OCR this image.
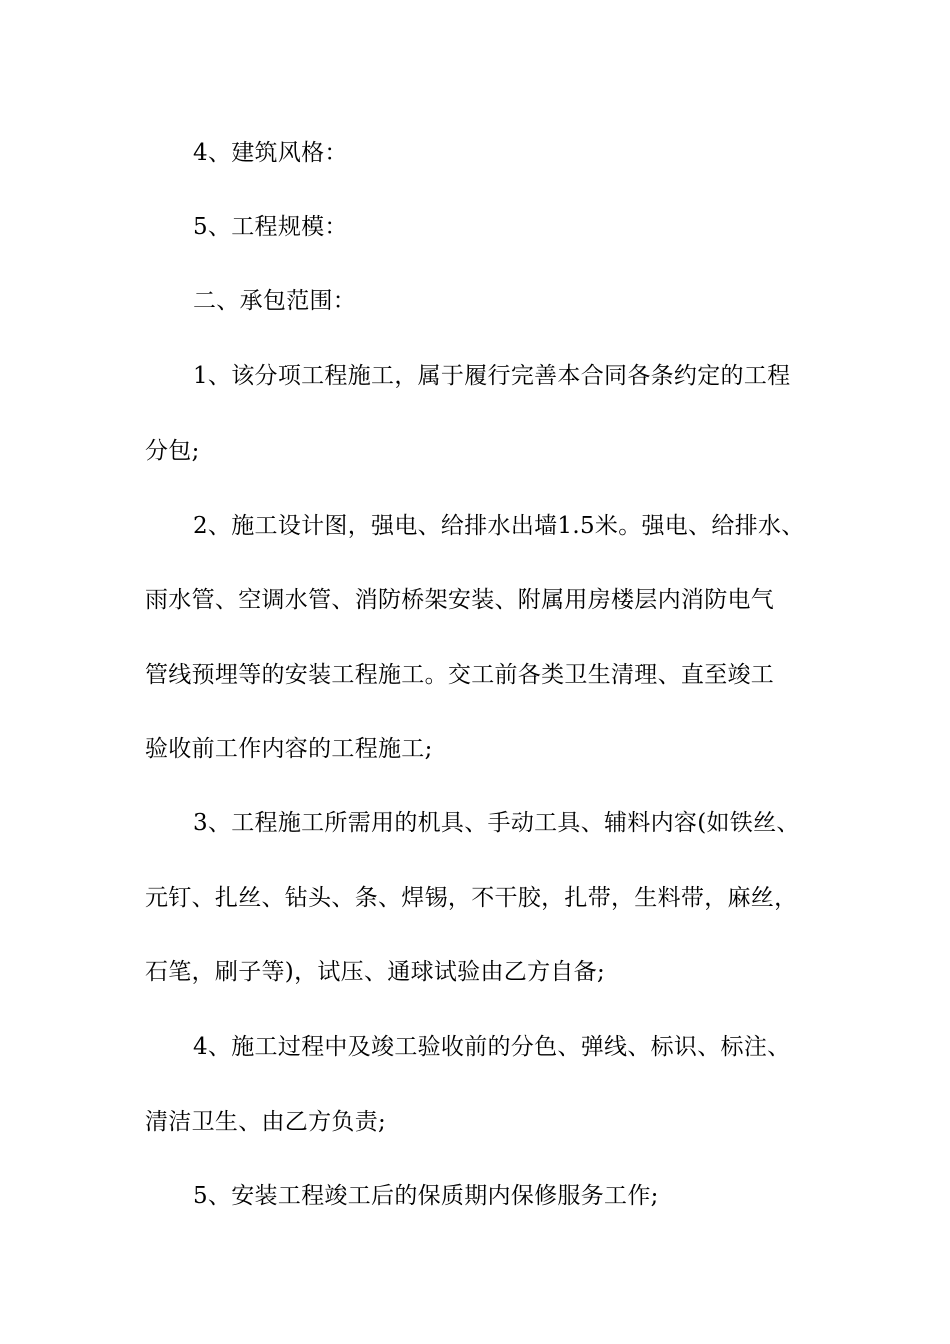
4、建筑风格：

5、工程规模：

二、承包范围：

1、该分项工程施工，属于履行完善本合同各条约定的工程

分包;

2、施工设计图，强电、给排水出墙1.5米。强电、给排水、

雨水管、空调水管、消防桥架安装、附属用房楼层内消防电气

管线预埋等的安装工程施工。交工前各类卫生清理、直至竣工

验收前工作内容的工程施工;

3、工程施工所需用的机具、手动工具、辅料内容(如铁丝、

元钉、扎丝、钻头、条、焊锡，不干胶，扎带，生料带，麻丝，

石笔，刷子等)，试压、通球试验由乙方自备;

4、施工过程中及竣工验收前的分色、弹线、标识、标注、

清洁卫生、由乙方负责;

5、安装工程竣工后的保质期内保修服务工作;
